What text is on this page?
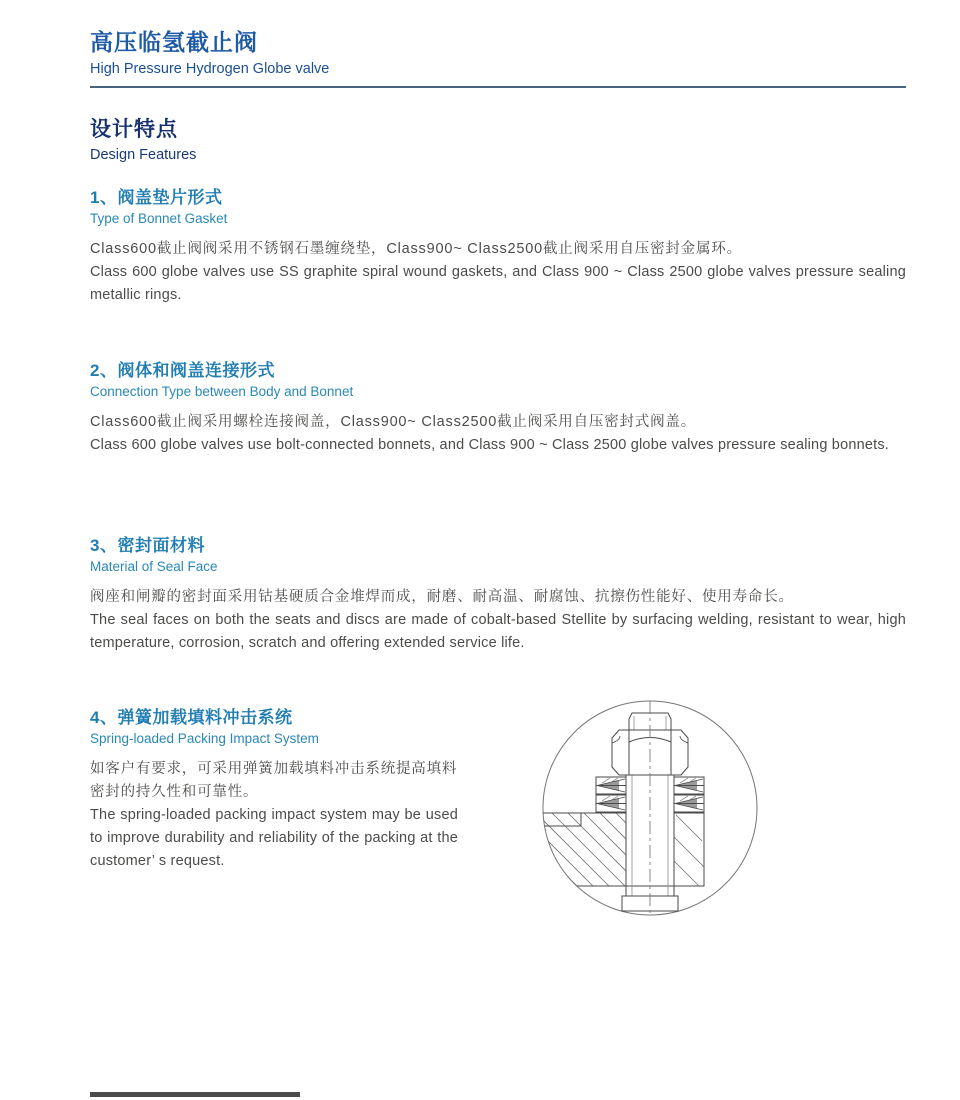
高压临氢截止阀
High Pressure Hydrogen Globe valve
设计特点
Design Features
1、阀盖垫片形式
Type of Bonnet Gasket

Class600截止阀阀采用不锈钢石墨缠绕垫，Class900~ Class2500截止阀采用自压密封金属环。

Class 600 globe valves use SS graphite spiral wound gaskets, and Class 900 ~ Class 2500 globe valves pressure sealing metallic rings.

2、阀体和阀盖连接形式
Connection Type between Body and Bonnet

Class600截止阀采用螺栓连接阀盖，Class900~ Class2500截止阀采用自压密封式阀盖。

Class 600 globe valves use bolt-connected bonnets, and Class 900 ~ Class 2500 globe valves pressure sealing bonnets.

3、密封面材料
Material of Seal Face

阀座和闸瓣的密封面采用钴基硬质合金堆焊而成，耐磨、耐高温、耐腐蚀、抗擦伤性能好、使用寿命长。

The seal faces on both the seats and discs are made of cobalt-based Stellite by surfacing welding, resistant to wear, high temperature, corrosion, scratch and offering extended service life.

4、弹簧加载填料冲击系统
Spring-loaded Packing Impact System

如客户有要求，可采用弹簧加载填料冲击系统提高填料密封的持久性和可靠性。

The spring-loaded packing impact system may be used to improve durability and reliability of the packing at the customer’ s request.
